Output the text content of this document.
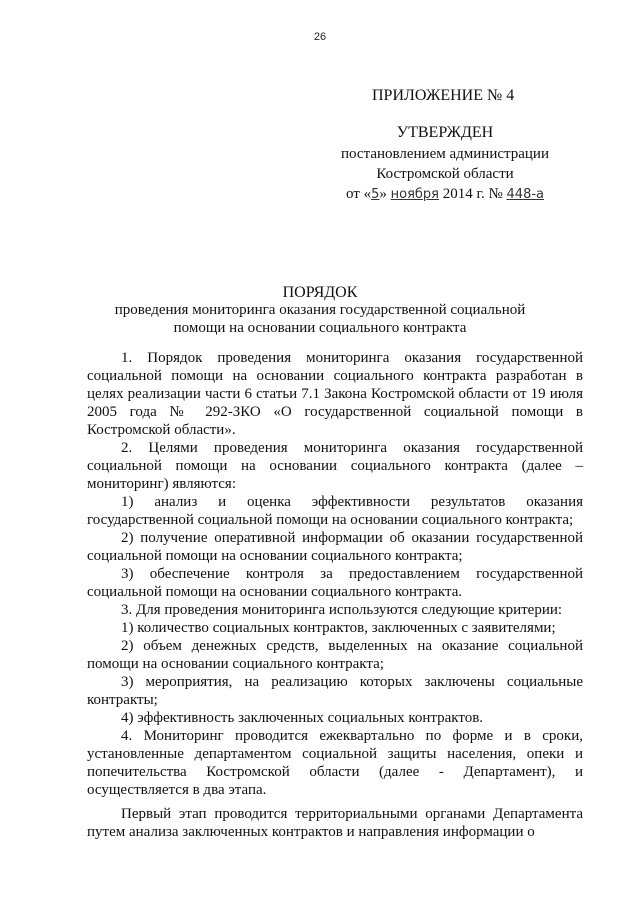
26
ПРИЛОЖЕНИЕ № 4
УТВЕРЖДЕН
постановлением администрации
Костромской области
от «5» ноября 2014 г. № 448-а
ПОРЯДОК
проведения мониторинга оказания государственной социальной
помощи на основании социального контракта

1. Порядок проведения мониторинга оказания государственной социальной помощи на основании социального контракта разработан в целях реализации части 6 статьи 7.1 Закона Костромской области от 19 июля 2005 года № 292-ЗКО «О государственной социальной помощи в Костромской области».

2. Целями проведения мониторинга оказания государственной социальной помощи на основании социального контракта (далее – мониторинг) являются:

1) анализ и оценка эффективности результатов оказания государственной социальной помощи на основании социального контракта;

2) получение оперативной информации об оказании государственной социальной помощи на основании социального контракта;

3) обеспечение контроля за предоставлением государственной социальной помощи на основании социального контракта.

3. Для проведения мониторинга используются следующие критерии:

1) количество социальных контрактов, заключенных с заявителями;

2) объем денежных средств, выделенных на оказание социальной помощи на основании социального контракта;

3) мероприятия, на реализацию которых заключены социальные контракты;

4) эффективность заключенных социальных контрактов.

4. Мониторинг проводится ежеквартально по форме и в сроки, установленные департаментом социальной защиты населения, опеки и попечительства Костромской области (далее - Департамент), и осуществляется в два этапа.

Первый этап проводится территориальными органами Департамента путем анализа заключенных контрактов и направления информации о
